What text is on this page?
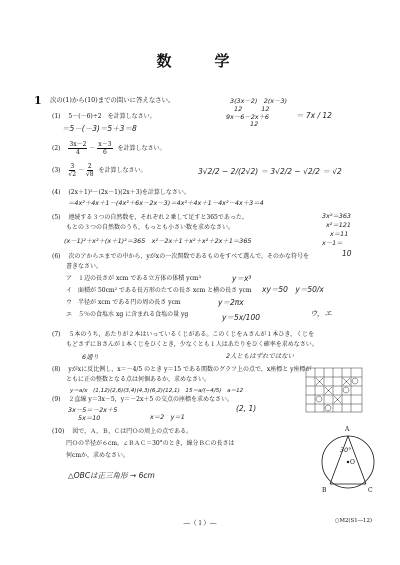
数　学
1 次の(1)から(10)までの問いに答えなさい。
(1) 5－(－6)÷2　を計算しなさい。
＝5－(－3)＝5＋3＝8
$(2) \frac{3x-2}{4} - \frac{x-3}{6}$ を計算しなさい。
3(3x－2)　2(x－3)
12　　　12
9x－6－2x＋6
12
＝ 7x / 12
$(3) \frac{3}{√2} - \frac{2}{√8}$ を計算しなさい。	3√2/2 − 2/(2√2) ＝ 3√2/2 − √2/2 ＝ √2
(4) (2x＋1)²－(2x－1)(2x＋3)を計算しなさい。
＝4x²＋4x＋1－(4x²＋6x－2x－3)＝4x²＋4x＋1－4x²－4x＋3＝4
(5) 連続する３つの自然数を，それぞれ２乗して足すと365であった。
もとの３つの自然数のうち，もっとも小さい数を求めなさい。
(x－1)²＋x²＋(x＋1)²＝365　x²－2x＋1＋x²＋x²＋2x＋1＝365
3x²＝363
x²＝121
x＝11
x－1＝
10
(6) 次のアからエまでの中から，yがxの一次関数であるものをすべて選んで，そのかな符号を
書きなさい。
ア　 １辺の長さが xcm である立方体の体積 ycm³	y＝x³
イ　 面積が 50cm² である長方形のたての長さ xcm と横の長さ ycm xy＝50　y＝50/x
ウ　 半径が xcm である円の周の長さ ycm	y＝2πx
エ　 ５％の食塩水 xg に含まれる食塩の量 yg	y＝5x/100	ウ，エ
(7) ５本のうち，あたりが２本はいっているくじがある。このくじをＡさんが１本ひき，くじを
もどさずにＢさんが１本くじをひくとき，少なくとも１人はあたりをひく確率を求めなさい。
6通り	2人ともはずれではない
(8) yがxに反比例し，x＝－4/5 のとき y＝15 である関数のグラフ上の点で，x座標と y座標が
ともに正の整数となる点は何個あるか，求めなさい。
y＝a/x　(1,12)(2,6)(3,4)(4,3)(6,2)(12,1)　15＝a/(−4/5)　a＝12
(9) ２直線 y＝3x－5，y＝－2x＋5 の交点の座標を求めなさい。
3x－5＝－2x＋5
5x＝10	x＝2　y＝1
(2, 1)
(10) 図で，Ａ，Ｂ，Ｃは円Ｏの周上の点である。
円Ｏの半径が６cm，∠ＢＡＣ＝30°のとき，線分ＢＣの長さは
何cmか，求めなさい。
△OBCは正三角形 → 6cm
A
B	C
O
30°
―（１）―	○M2(S1―12)
